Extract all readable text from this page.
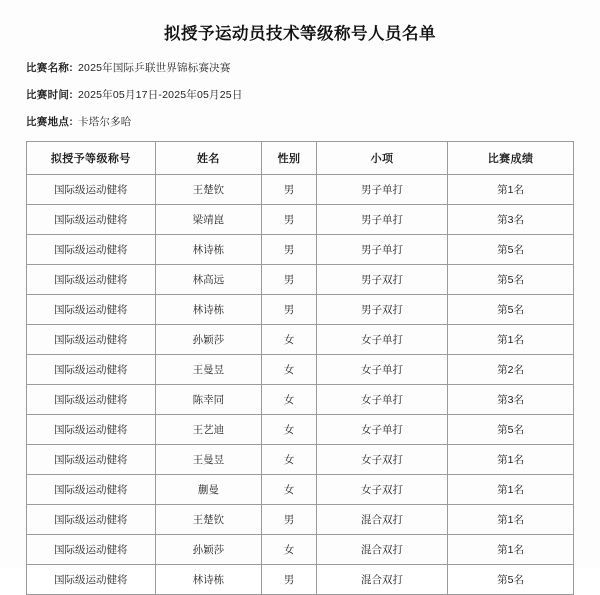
拟授予运动员技术等级称号人员名单
比赛名称: 2025年国际乒联世界锦标赛决赛
比赛时间: 2025年05月17日-2025年05月25日
比赛地点: 卡塔尔多哈
拟授予等级称号	姓名	性别	小项	比赛成绩
国际级运动健将	王楚钦	男	男子单打	第1名
国际级运动健将	梁靖崑	男	男子单打	第3名
国际级运动健将	林诗栋	男	男子单打	第5名
国际级运动健将	林高远	男	男子双打	第5名
国际级运动健将	林诗栋	男	男子双打	第5名
国际级运动健将	孙颖莎	女	女子单打	第1名
国际级运动健将	王曼昱	女	女子单打	第2名
国际级运动健将	陈幸同	女	女子单打	第3名
国际级运动健将	王艺迪	女	女子单打	第5名
国际级运动健将	王曼昱	女	女子双打	第1名
国际级运动健将	蒯曼	女	女子双打	第1名
国际级运动健将	王楚钦	男	混合双打	第1名
国际级运动健将	孙颖莎	女	混合双打	第1名
国际级运动健将	林诗栋	男	混合双打	第5名
